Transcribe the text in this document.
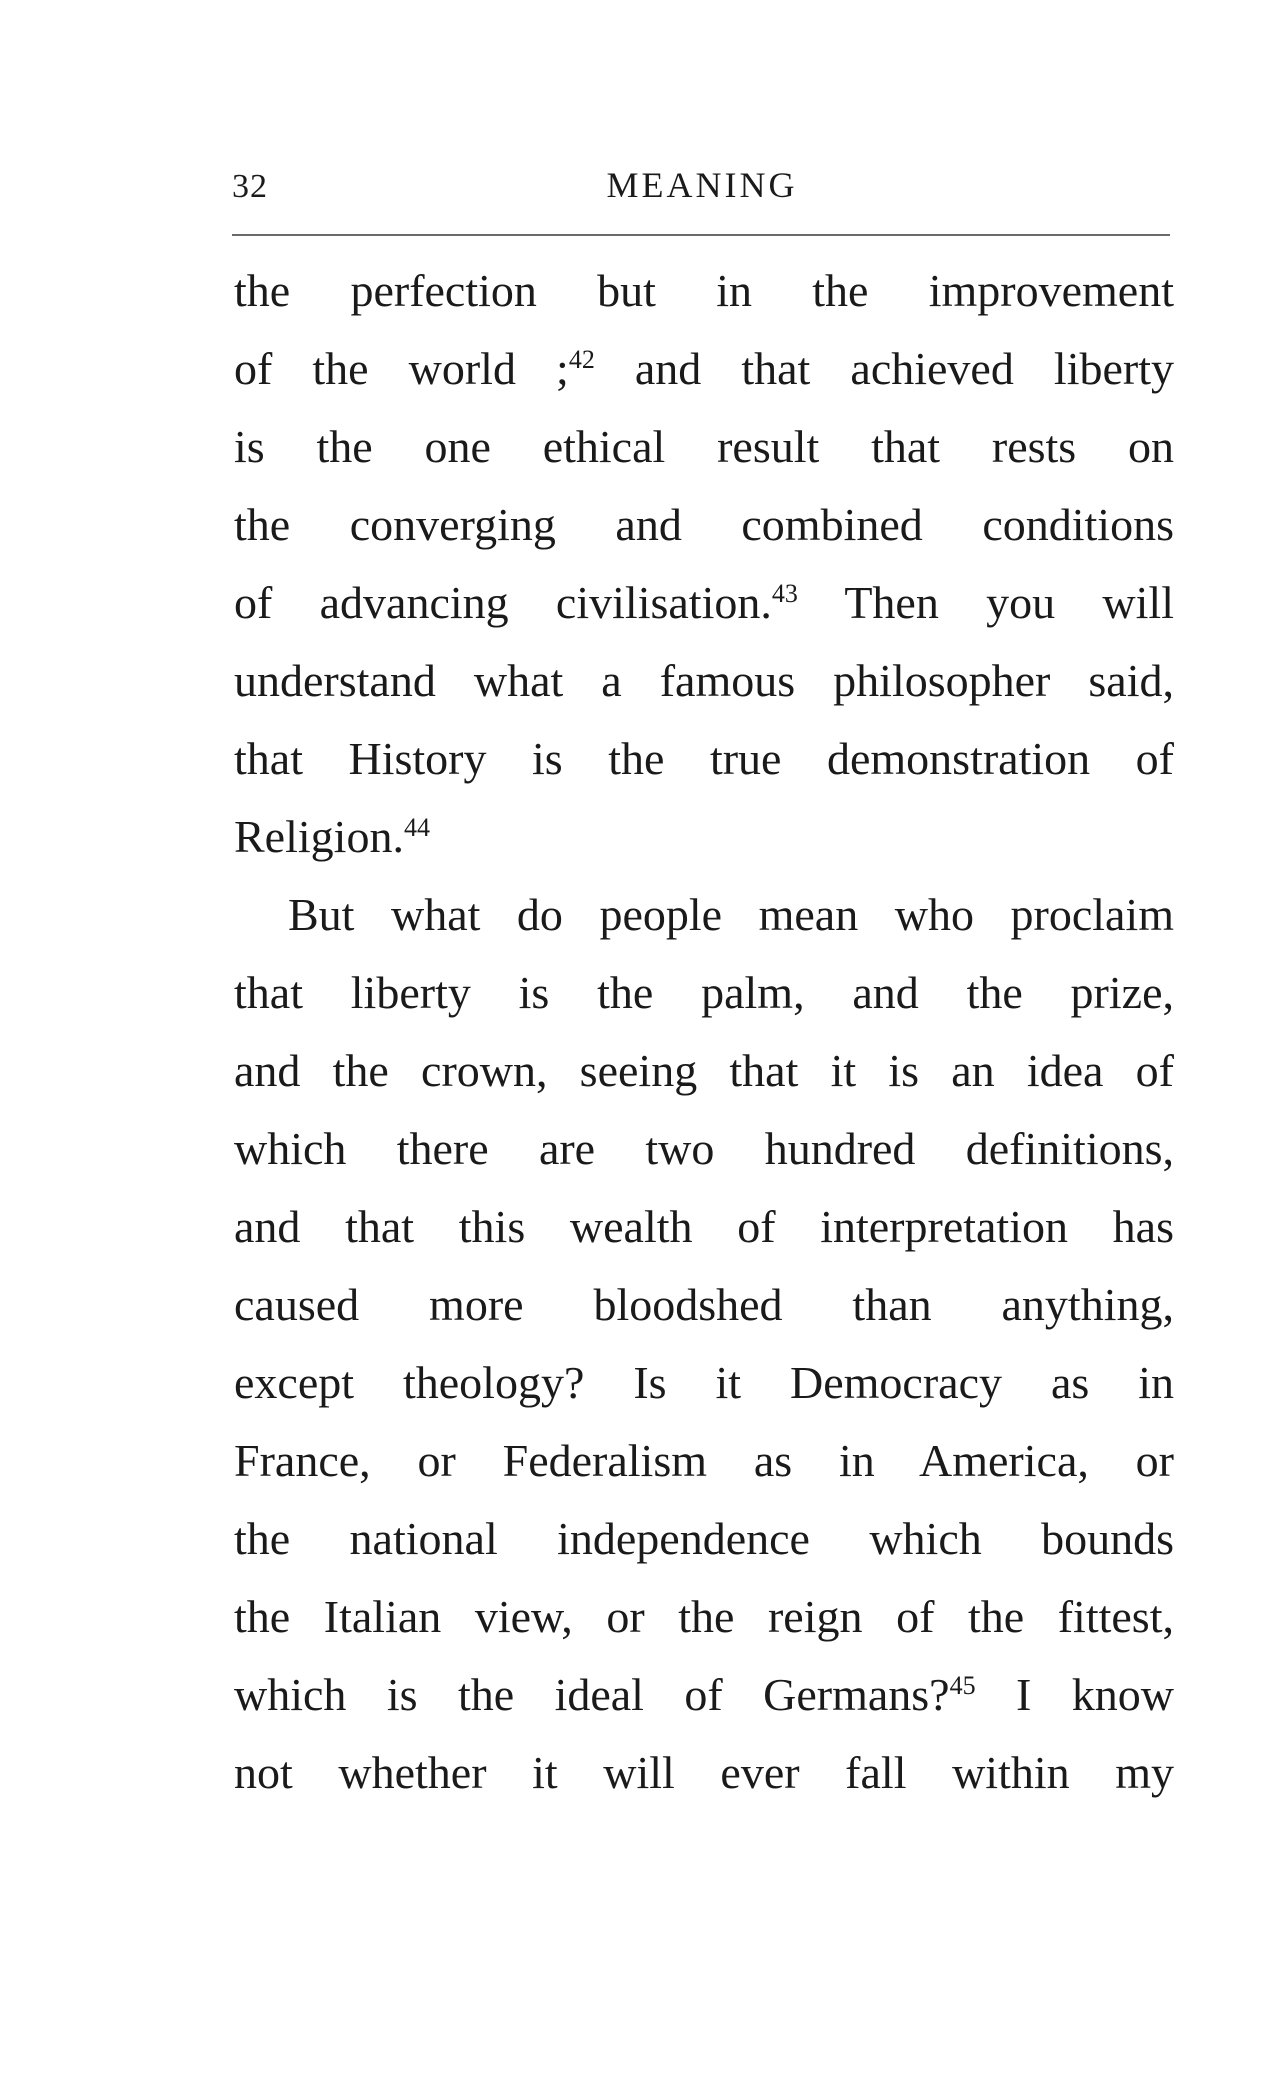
32	MEANING
the perfection but in the improvement
of the world ;$^{42}$ and that achieved liberty
is the one ethical result that rests on
the converging and combined conditions
of advancing civilisation.$^{43}$ Then you will
understand what a famous philosopher said,
that History is the true demonstration of
Religion.$^{44}$
But what do people mean who proclaim
that liberty is the palm, and the prize,
and the crown, seeing that it is an idea of
which there are two hundred definitions,
and that this wealth of interpretation has
caused more bloodshed than anything,
except theology? Is it Democracy as in
France, or Federalism as in America, or
the national independence which bounds
the Italian view, or the reign of the fittest,
which is the ideal of Germans?$^{45}$ I know
not whether it will ever fall within my
